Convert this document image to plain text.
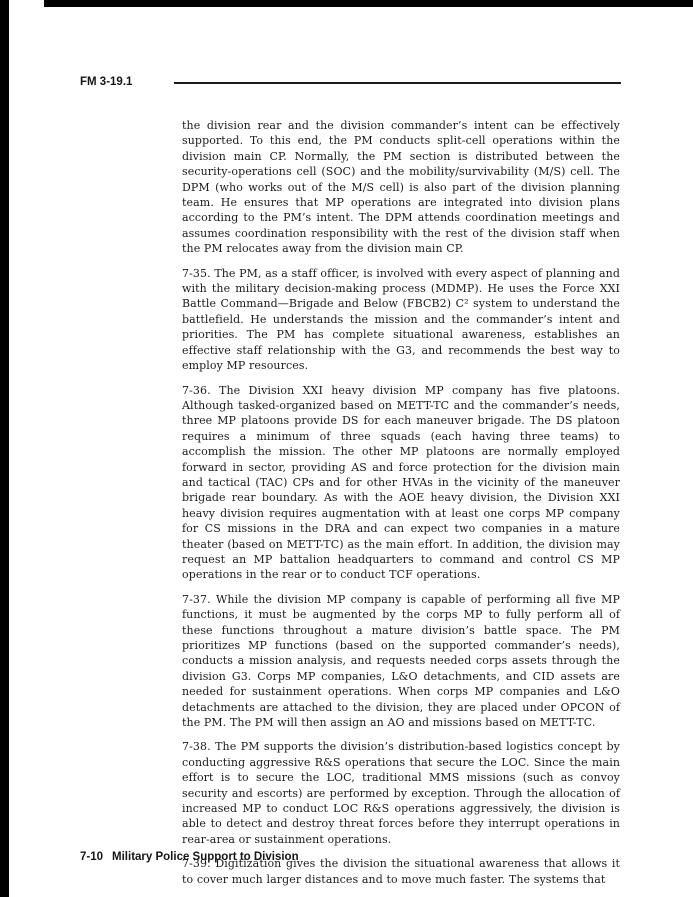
FM 3-19.1

the division rear and the division commander’s intent can be effectively supported. To this end, the PM conducts split-cell operations within the division main CP. Normally, the PM section is distributed between the security-operations cell (SOC) and the mobility/survivability (M/S) cell. The DPM (who works out of the M/S cell) is also part of the division planning team. He ensures that MP operations are integrated into division plans according to the PM’s intent. The DPM attends coordination meetings and assumes coordination responsibility with the rest of the division staff when the PM relocates away from the division main CP.

7-35. The PM, as a staff officer, is involved with every aspect of planning and with the military decision-making process (MDMP). He uses the Force XXI Battle Command—Brigade and Below (FBCB2) C² system to understand the battlefield. He understands the mission and the commander’s intent and priorities. The PM has complete situational awareness, establishes an effective staff relationship with the G3, and recommends the best way to employ MP resources.

7-36. The Division XXI heavy division MP company has five platoons. Although tasked-organized based on METT-TC and the commander’s needs, three MP platoons provide DS for each maneuver brigade. The DS platoon requires a minimum of three squads (each having three teams) to accomplish the mission. The other MP platoons are normally employed forward in sector, providing AS and force protection for the division main and tactical (TAC) CPs and for other HVAs in the vicinity of the maneuver brigade rear boundary. As with the AOE heavy division, the Division XXI heavy division requires augmentation with at least one corps MP company for CS missions in the DRA and can expect two companies in a mature theater (based on METT-TC) as the main effort. In addition, the division may request an MP battalion headquarters to command and control CS MP operations in the rear or to conduct TCF operations.

7-37. While the division MP company is capable of performing all five MP functions, it must be augmented by the corps MP to fully perform all of these functions throughout a mature division’s battle space. The PM prioritizes MP functions (based on the supported commander’s needs), conducts a mission analysis, and requests needed corps assets through the division G3. Corps MP companies, L&O detachments, and CID assets are needed for sustainment operations. When corps MP companies and L&O detachments are attached to the division, they are placed under OPCON of the PM. The PM will then assign an AO and missions based on METT-TC.

7-38. The PM supports the division’s distribution-based logistics concept by conducting aggressive R&S operations that secure the LOC. Since the main effort is to secure the LOC, traditional MMS missions (such as convoy security and escorts) are performed by exception. Through the allocation of increased MP to conduct LOC R&S operations aggressively, the division is able to detect and destroy threat forces before they interrupt operations in rear-area or sustainment operations.

7-39. Digitization gives the division the situational awareness that allows it to cover much larger distances and to move much faster. The systems that

7-10 Military Police Support to Division
